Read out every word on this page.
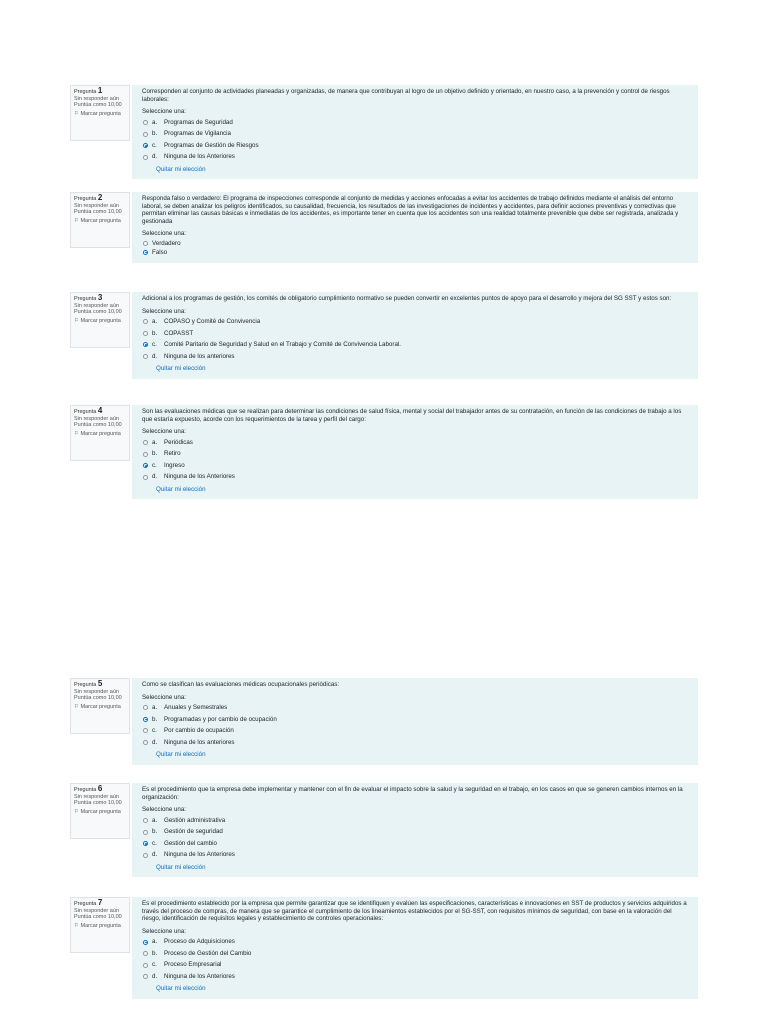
Pregunta 1
Sin responder aún
Puntúa como 10,00
⚐ Marcar pregunta

Corresponden al conjunto de actividades planeadas y organizadas, de manera que contribuyan al logro de un objetivo definido y orientado, en nuestro caso, a la prevención y control de riesgos laborales:

Seleccione una:

a.	Programas de Seguridad
b.	Programas de Vigilancia
c.	Programas de Gestión de Riesgos
d.	Ninguna de los Anteriores
Quitar mi elección
Pregunta 2
Sin responder aún
Puntúa como 10,00
⚐ Marcar pregunta

Responda falso o verdadero: El programa de inspecciones corresponde al conjunto de medidas y acciones enfocadas a evitar los accidentes de trabajo definidos mediante el análisis del entorno laboral, se deben analizar los peligros identificados, su causalidad, frecuencia, los resultados de las investigaciones de incidentes y accidentes, para definir acciones preventivas y correctivas que permitan eliminar las causas básicas e inmediatas de los accidentes, es importante tener en cuenta que los accidentes son una realidad totalmente prevenible que debe ser registrada, analizada y gestionada

Seleccione una:

Verdadero
Falso
Pregunta 3
Sin responder aún
Puntúa como 10,00
⚐ Marcar pregunta

Adicional a los programas de gestión, los comités de obligatorio cumplimiento normativo se pueden convertir en excelentes puntos de apoyo para el desarrollo y mejora del SG SST y estos son:

Seleccione una:

a.	COPASO y Comité de Convivencia
b.	COPASST
c.	Comité Paritario de Seguridad y Salud en el Trabajo y Comité de Convivencia Laboral.
d.	Ninguna de los anteriores
Quitar mi elección
Pregunta 4
Sin responder aún
Puntúa como 10,00
⚐ Marcar pregunta

Son las evaluaciones médicas que se realizan para determinar las condiciones de salud física, mental y social del trabajador antes de su contratación, en función de las condiciones de trabajo a los que estaría expuesto, acorde con los requerimientos de la tarea y perfil del cargo:

Seleccione una:

a.	Periódicas
b.	Retiro
c.	Ingreso
d.	Ninguna de los Anteriores
Quitar mi elección
Pregunta 5
Sin responder aún
Puntúa como 10,00
⚐ Marcar pregunta

Como se clasifican las evaluaciones médicas ocupacionales periódicas:

Seleccione una:

a.	Anuales y Semestrales
b.	Programadas y por cambio de ocupación
c.	Por cambio de ocupación
d.	Ninguna de los anteriores
Quitar mi elección
Pregunta 6
Sin responder aún
Puntúa como 10,00
⚐ Marcar pregunta

Es el procedimiento que la empresa debe implementar y mantener con el fin de evaluar el impacto sobre la salud y la seguridad en el trabajo, en los casos en que se generen cambios internos en la organización:

Seleccione una:

a.	Gestión administrativa
b.	Gestión de seguridad
c.	Gestión del cambio
d.	Ninguna de los Anteriores
Quitar mi elección
Pregunta 7
Sin responder aún
Puntúa como 10,00
⚐ Marcar pregunta

Es el procedimiento establecido por la empresa que permite garantizar que se identifiquen y evalúen las especificaciones, características e innovaciones en SST de productos y servicios adquiridos a través del proceso de compras, de manera que se garantice el cumplimiento de los lineamientos establecidos por el SG-SST, con requisitos mínimos de seguridad, con base en la valoración del riesgo, identificación de requisitos legales y establecimiento de controles operacionales:

Seleccione una:

a.	Proceso de Adquisiciones
b.	Proceso de Gestión del Cambio
c.	Proceso Empresarial
d.	Ninguna de los Anteriores
Quitar mi elección
